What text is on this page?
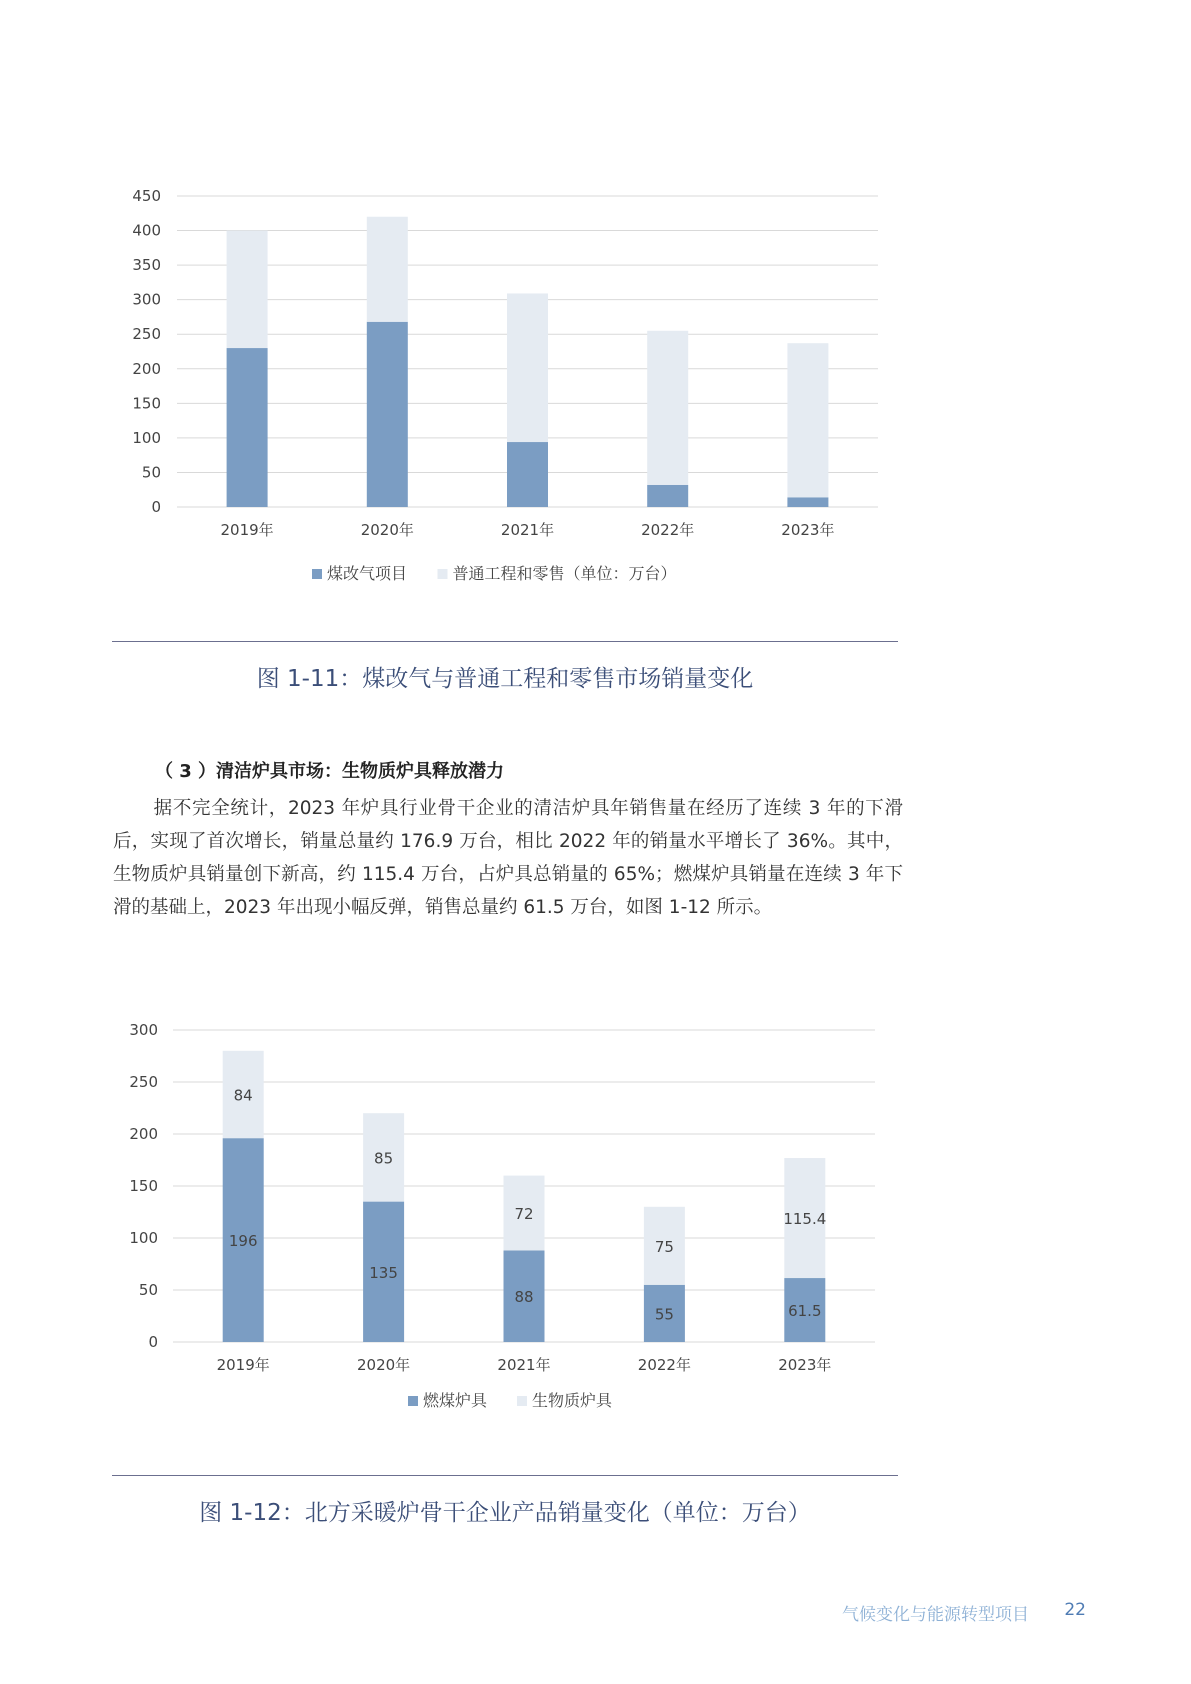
0
50
100
150
200
250
300
350
400
450
2019年	2020年	2021年	2022年	2023年
煤改气项目	普通工程和零售（单位：万台）
图 1-11：煤改气与普通工程和零售市场销量变化
（ 3 ）清洁炉具市场：生物质炉具释放潜力
据不完全统计，2023 年炉具行业骨干企业的清洁炉具年销售量在经历了连续 3 年的下滑后，实现了首次增长，销量总量约 176.9 万台，相比 2022 年的销量水平增长了 36%。其中，生物质炉具销量创下新高，约 115.4 万台，占炉具总销量的 65%；燃煤炉具销量在连续 3 年下滑的基础上，2023 年出现小幅反弹，销售总量约 61.5 万台，如图 1-12 所示。
0
50
100
150
200
250
300
196
84
2019年
135
85
2020年
88
72
2021年
55
75
2022年
61.5
115.4
2023年
燃煤炉具	生物质炉具
图 1-12：北方采暖炉骨干企业产品销量变化（单位：万台）
气候变化与能源转型项目 22
